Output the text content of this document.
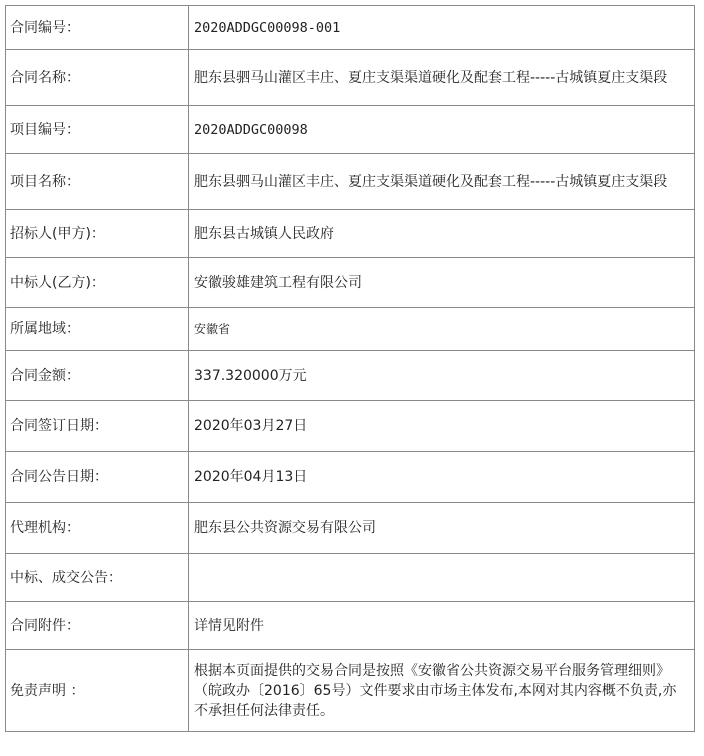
合同编号：	2020ADDGC00098-001
合同名称：	肥东县驷马山灌区丰庄、夏庄支渠渠道硬化及配套工程-----古城镇夏庄支渠段
项目编号：	2020ADDGC00098
项目名称：	肥东县驷马山灌区丰庄、夏庄支渠渠道硬化及配套工程-----古城镇夏庄支渠段
招标人(甲方)：	肥东县古城镇人民政府
中标人(乙方)：	安徽骏雄建筑工程有限公司
所属地域：	安徽省
合同金额：	337.320000万元
合同签订日期：	2020年03月27日
合同公告日期：	2020年04月13日
代理机构：	肥东县公共资源交易有限公司
中标、成交公告：	
合同附件：	详情见附件
免责声明 ：	根据本页面提供的交易合同是按照《安徽省公共资源交易平台服务管理细则》（皖政办〔2016〕65号）文件要求由市场主体发布,本网对其内容概不负责,亦不承担任何法律责任。
